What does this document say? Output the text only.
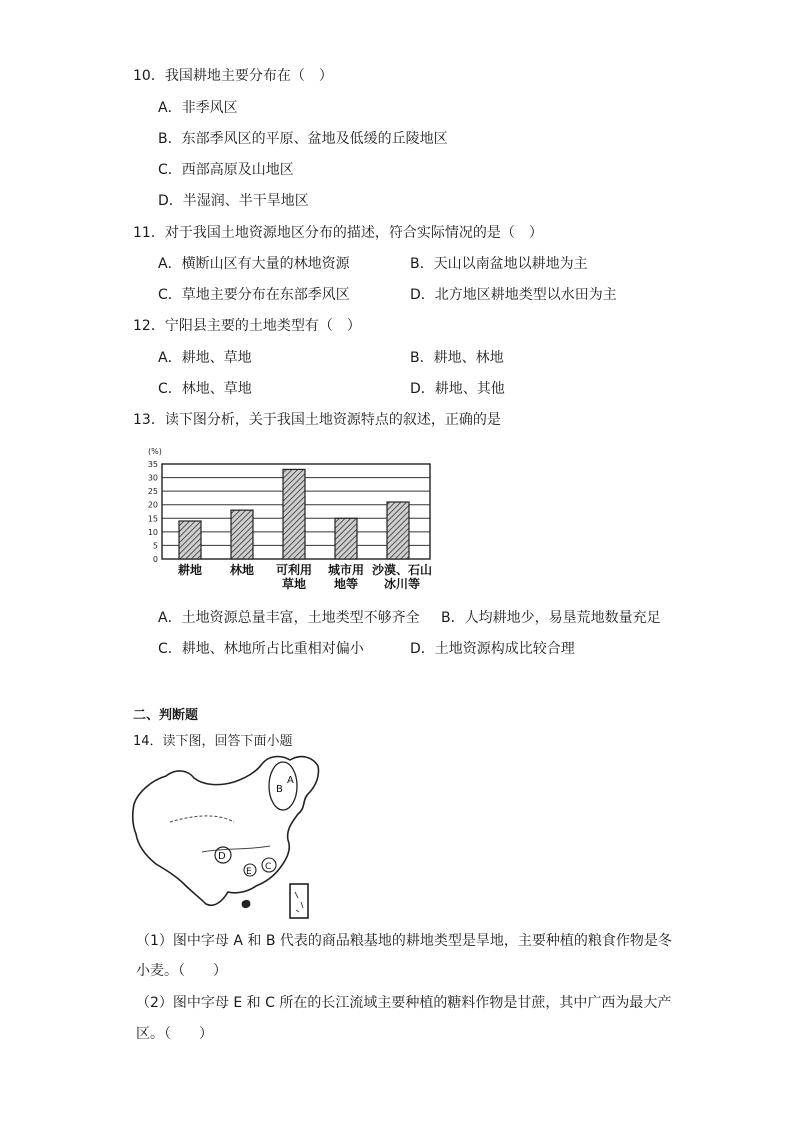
10．我国耕地主要分布在（　）
A．非季风区
B．东部季风区的平原、盆地及低缓的丘陵地区
C．西部高原及山地区
D．半湿润、半干旱地区
11．对于我国土地资源地区分布的描述，符合实际情况的是（　）
A．横断山区有大量的林地资源	B．天山以南盆地以耕地为主
C．草地主要分布在东部季风区	D．北方地区耕地类型以水田为主
12．宁阳县主要的土地类型有（　）
A．耕地、草地	B．耕地、林地
C．林地、草地	D．耕地、其他
13．读下图分析，关于我国土地资源特点的叙述，正确的是
(%)
0
5
10
15
20
25
30
35
耕地 林地 可利用
草地
城市用
地等
沙漠、石山
冰川等
A．土地资源总量丰富，土地类型不够齐全 B．人均耕地少，易垦荒地数量充足
C．耕地、林地所占比重相对偏小	D．土地资源构成比较合理
二、判断题
14．读下图，回答下面小题
B
A
D
E C
（1）图中字母 A 和 B 代表的商品粮基地的耕地类型是旱地，主要种植的粮食作物是冬
小麦。（　　）
（2）图中字母 E 和 C 所在的长江流域主要种植的糖料作物是甘蔗，其中广西为最大产
区。（　　）
